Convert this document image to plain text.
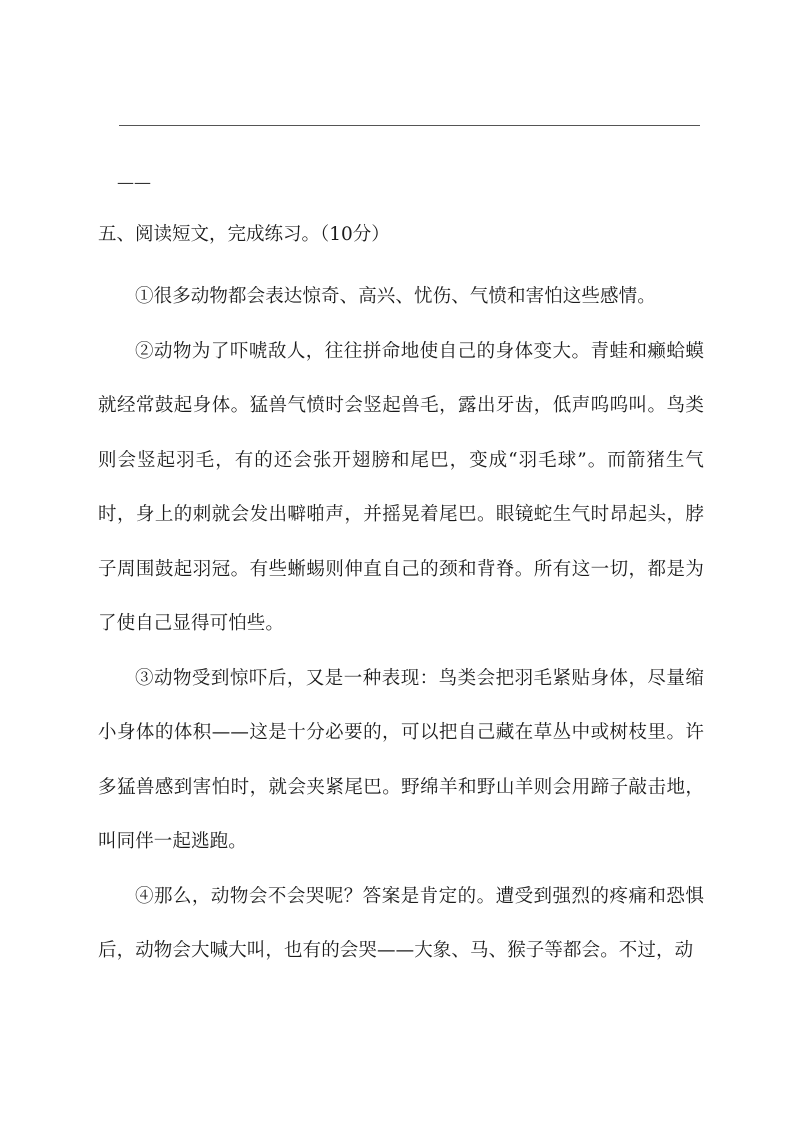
——
五、阅读短文，完成练习。（10分）

①很多动物都会表达惊奇、高兴、忧伤、气愤和害怕这些感情。

②动物为了吓唬敌人，往往拼命地使自己的身体变大。青蛙和癞蛤蟆就经常鼓起身体。猛兽气愤时会竖起兽毛，露出牙齿，低声呜呜叫。鸟类则会竖起羽毛，有的还会张开翅膀和尾巴，变成“羽毛球”。而箭猪生气时，身上的刺就会发出噼啪声，并摇晃着尾巴。眼镜蛇生气时昂起头，脖子周围鼓起羽冠。有些蜥蜴则伸直自己的颈和背脊。所有这一切，都是为了使自己显得可怕些。

③动物受到惊吓后，又是一种表现：鸟类会把羽毛紧贴身体，尽量缩小身体的体积——这是十分必要的，可以把自己藏在草丛中或树枝里。许多猛兽感到害怕时，就会夹紧尾巴。野绵羊和野山羊则会用蹄子敲击地，叫同伴一起逃跑。

④那么，动物会不会哭呢？答案是肯定的。遭受到强烈的疼痛和恐惧后，动物会大喊大叫，也有的会哭——大象、马、猴子等都会。不过，动
